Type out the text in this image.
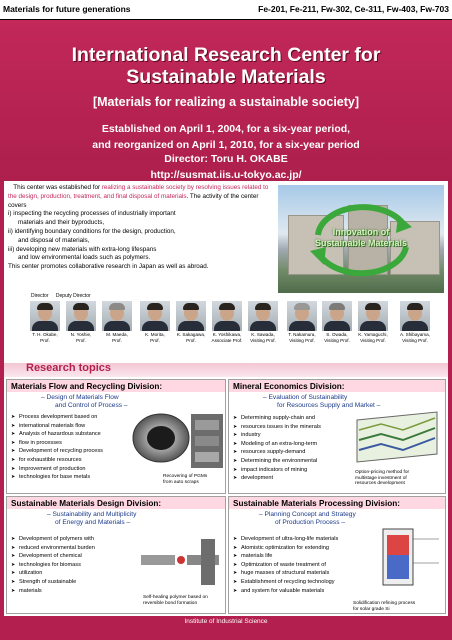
Materials for future generations	Fe-201, Fe-211, Fw-302, Ce-311, Fw-403, Fw-703
International Research Center for
Sustainable Materials
[Materials for realizing a sustainable society]
Established on April 1, 2004, for a six-year period,
and reorganized on April 1, 2010, for a six-year period
Director: Toru H. OKABE
http://susmat.iis.u-tokyo.ac.jp/

This center was established for realizing a sustainable society by resolving issues related to the design, production, treatment, and final disposal of materials. The activity of the center covers

i) inspecting the recycling processes of industrially important

materials and their byproducts,

ii) identifying boundary conditions for the design, production,

and disposal of materials,

iii) developing new materials with extra-long lifespans

and low environmental loads such as polymers.

This center promotes collaborative research in Japan as well as abroad.

Innovation of
Sustainable Materials
Director Deputy Director
T. H. Okabe,
Prof.
N. Yoshie,
Prof.
M. Maeda,
Prof.
K. Morita,
Prof.
K. Sakagawa,
Prof.
K. Yoshikawa,
Associate Prof.
K. Sawada,
Visiting Prof.
T. Nakamura,
Visiting Prof.
S. Owada,
Visiting Prof.
K. Yamaguchi,
Visiting Prof.
A. Shibayama,
Visiting Prof.
Research topics
Materials Flow and Recycling Division:
– Design of Materials Flow
and Control of Process –
➤ Process development based on
➤ international materials flow
➤ Analysis of hazardous substance
➤ flow in processes
➤ Development of recycling process
➤ for exhaustible resources
➤ Improvement of production
➤ technologies for base metals	Recovering of PGMs
from auto scraps
Mineral Economics Division:
– Evaluation of Sustainability
for Resources Supply and Market –
➤ Determining supply-chain and
➤ resources issues in the minerals
➤ industry
➤ Modeling of an extra-long-term
➤ resources supply-demand
➤ Determining the environmental
➤ impact indicators of mining
➤ development
Option-pricing method for
multistage investment of
resources development
Sustainable Materials Design Division:
– Sustainability and Multiplicity
of Energy and Materials –
➤ Development of polymers with
➤ reduced environmental burden
➤ Development of chemical
➤ technologies for biomass
➤ utilization
➤ Strength of sustainable
➤ materials
Self-healing polymer based on
reversible bond formation
Sustainable Materials Processing Division:
– Planning Concept and Strategy
of Production Process –
➤ Development of ultra-long-life materials
➤ Atomistic optimization for extending
➤ materials life
➤ Optimization of waste treatment of
➤ huge masses of structural materials
➤ Establishment of recycling technology
➤ and system for valuable materials
Solidification refining process
for solar grade Si
Institute of Industrial Science
